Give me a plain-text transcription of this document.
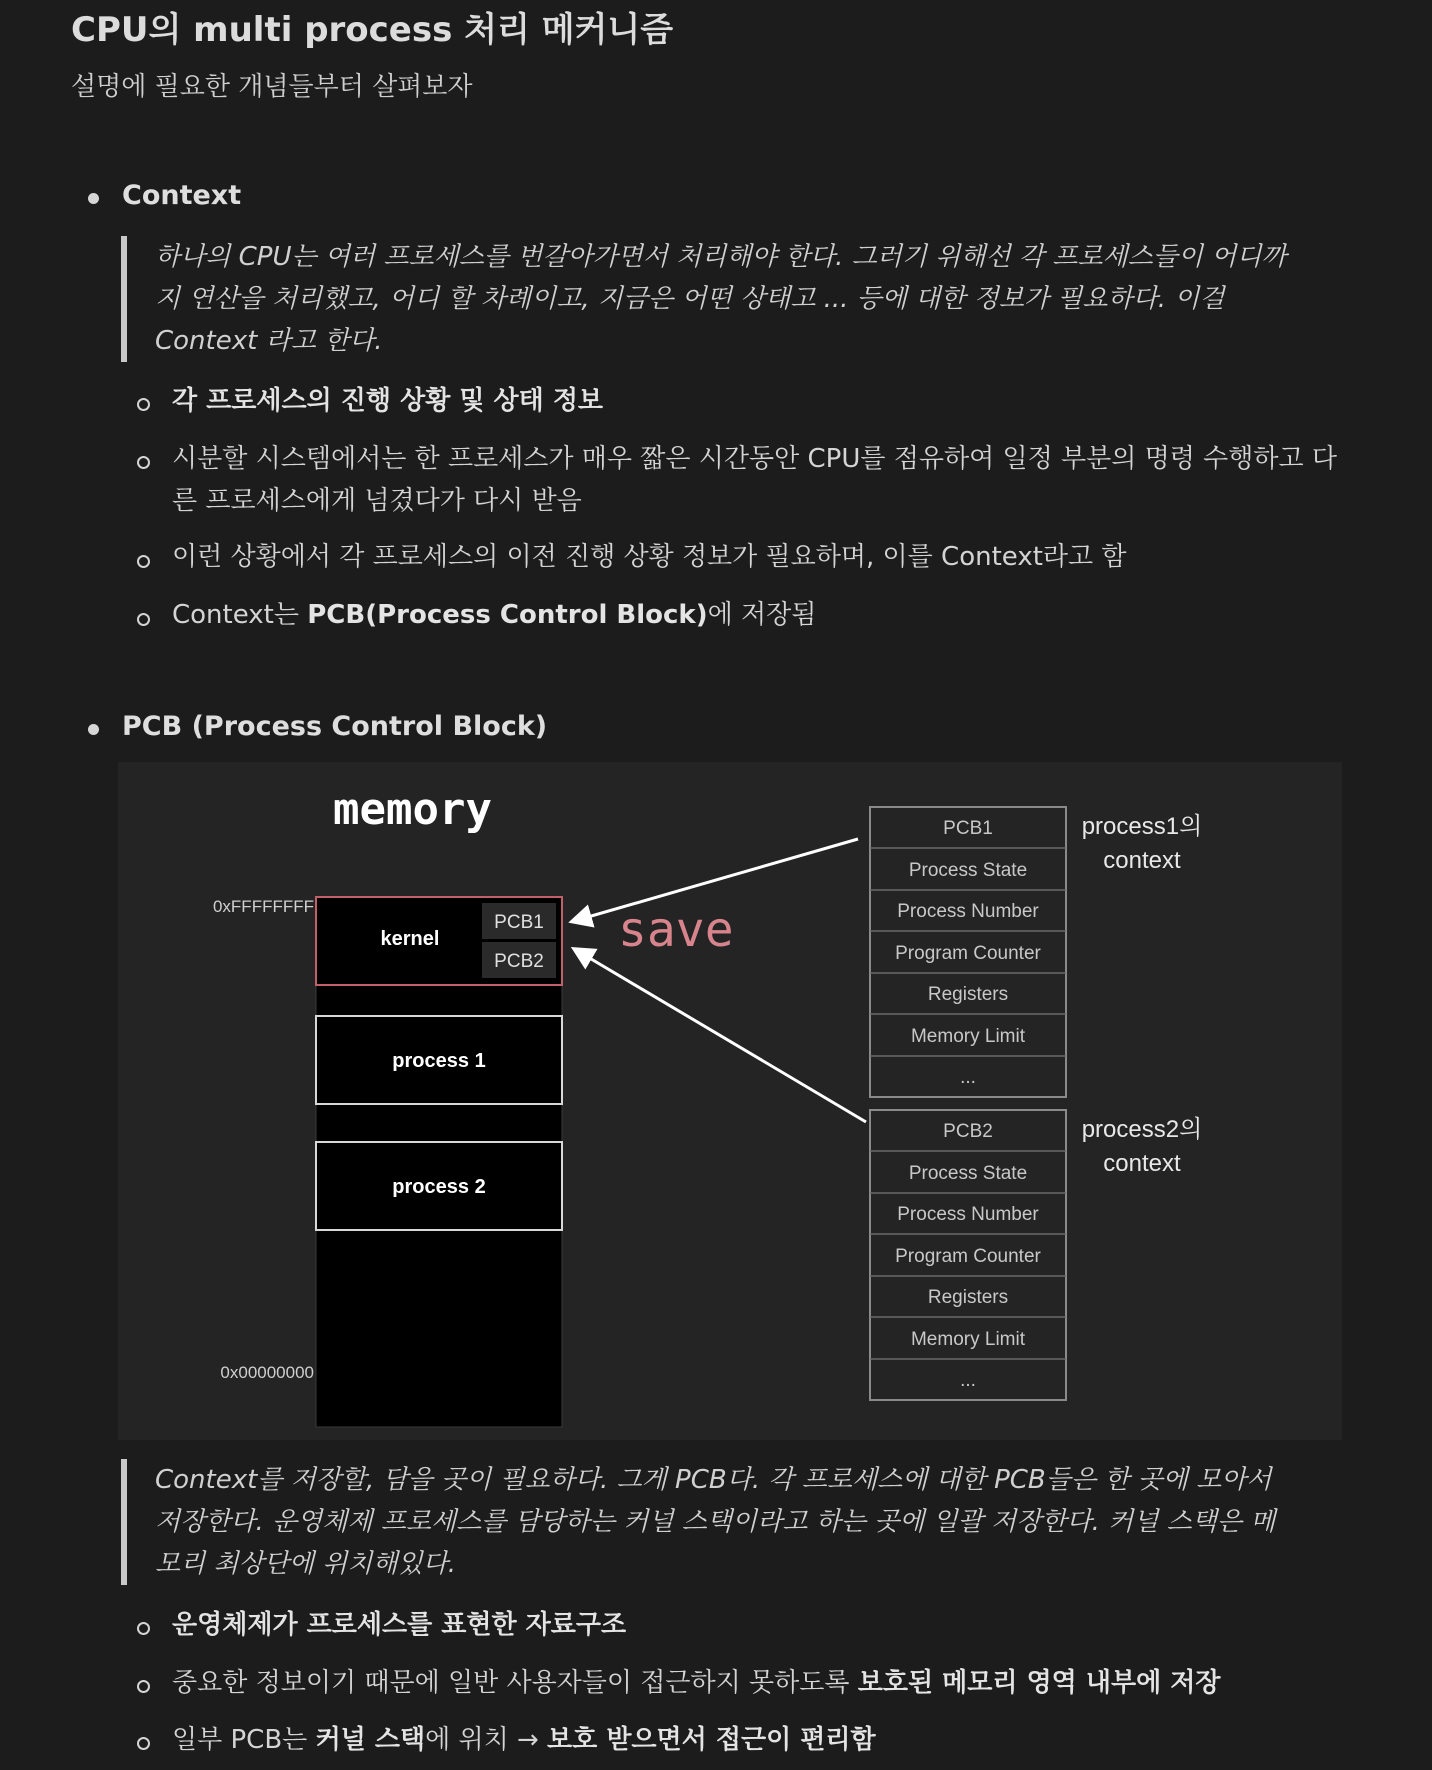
CPU의 multi process 처리 메커니즘
설명에 필요한 개념들부터 살펴보자
Context
하나의 CPU는 여러 프로세스를 번갈아가면서 처리해야 한다. 그러기 위해선 각 프로세스들이 어디까지 연산을 처리했고, 어디 할 차례이고, 지금은 어떤 상태고 ... 등에 대한 정보가 필요하다. 이걸 Context 라고 한다.
각 프로세스의 진행 상황 및 상태 정보
시분할 시스템에서는 한 프로세스가 매우 짧은 시간동안 CPU를 점유하여 일정 부분의 명령 수행하고 다른 프로세스에게 넘겼다가 다시 받음
이런 상황에서 각 프로세스의 이전 진행 상황 정보가 필요하며, 이를 Context라고 함
Context는 PCB(Process Control Block)에 저장됨
PCB (Process Control Block)
memory
kernel
PCB1
PCB2
process 1
process 2
0xFFFFFFFF
0x00000000
save
PCB1
Process State
Process Number
Program Counter
Registers
Memory Limit
...
process1의
context
PCB2
Process State
Process Number
Program Counter
Registers
Memory Limit
...
process2의
context
Context를 저장할, 담을 곳이 필요하다. 그게 PCB다. 각 프로세스에 대한 PCB들은 한 곳에 모아서 저장한다. 운영체제 프로세스를 담당하는 커널 스택이라고 하는 곳에 일괄 저장한다. 커널 스택은 메모리 최상단에 위치해있다.
운영체제가 프로세스를 표현한 자료구조
중요한 정보이기 때문에 일반 사용자들이 접근하지 못하도록 보호된 메모리 영역 내부에 저장
일부 PCB는 커널 스택에 위치 → 보호 받으면서 접근이 편리함
